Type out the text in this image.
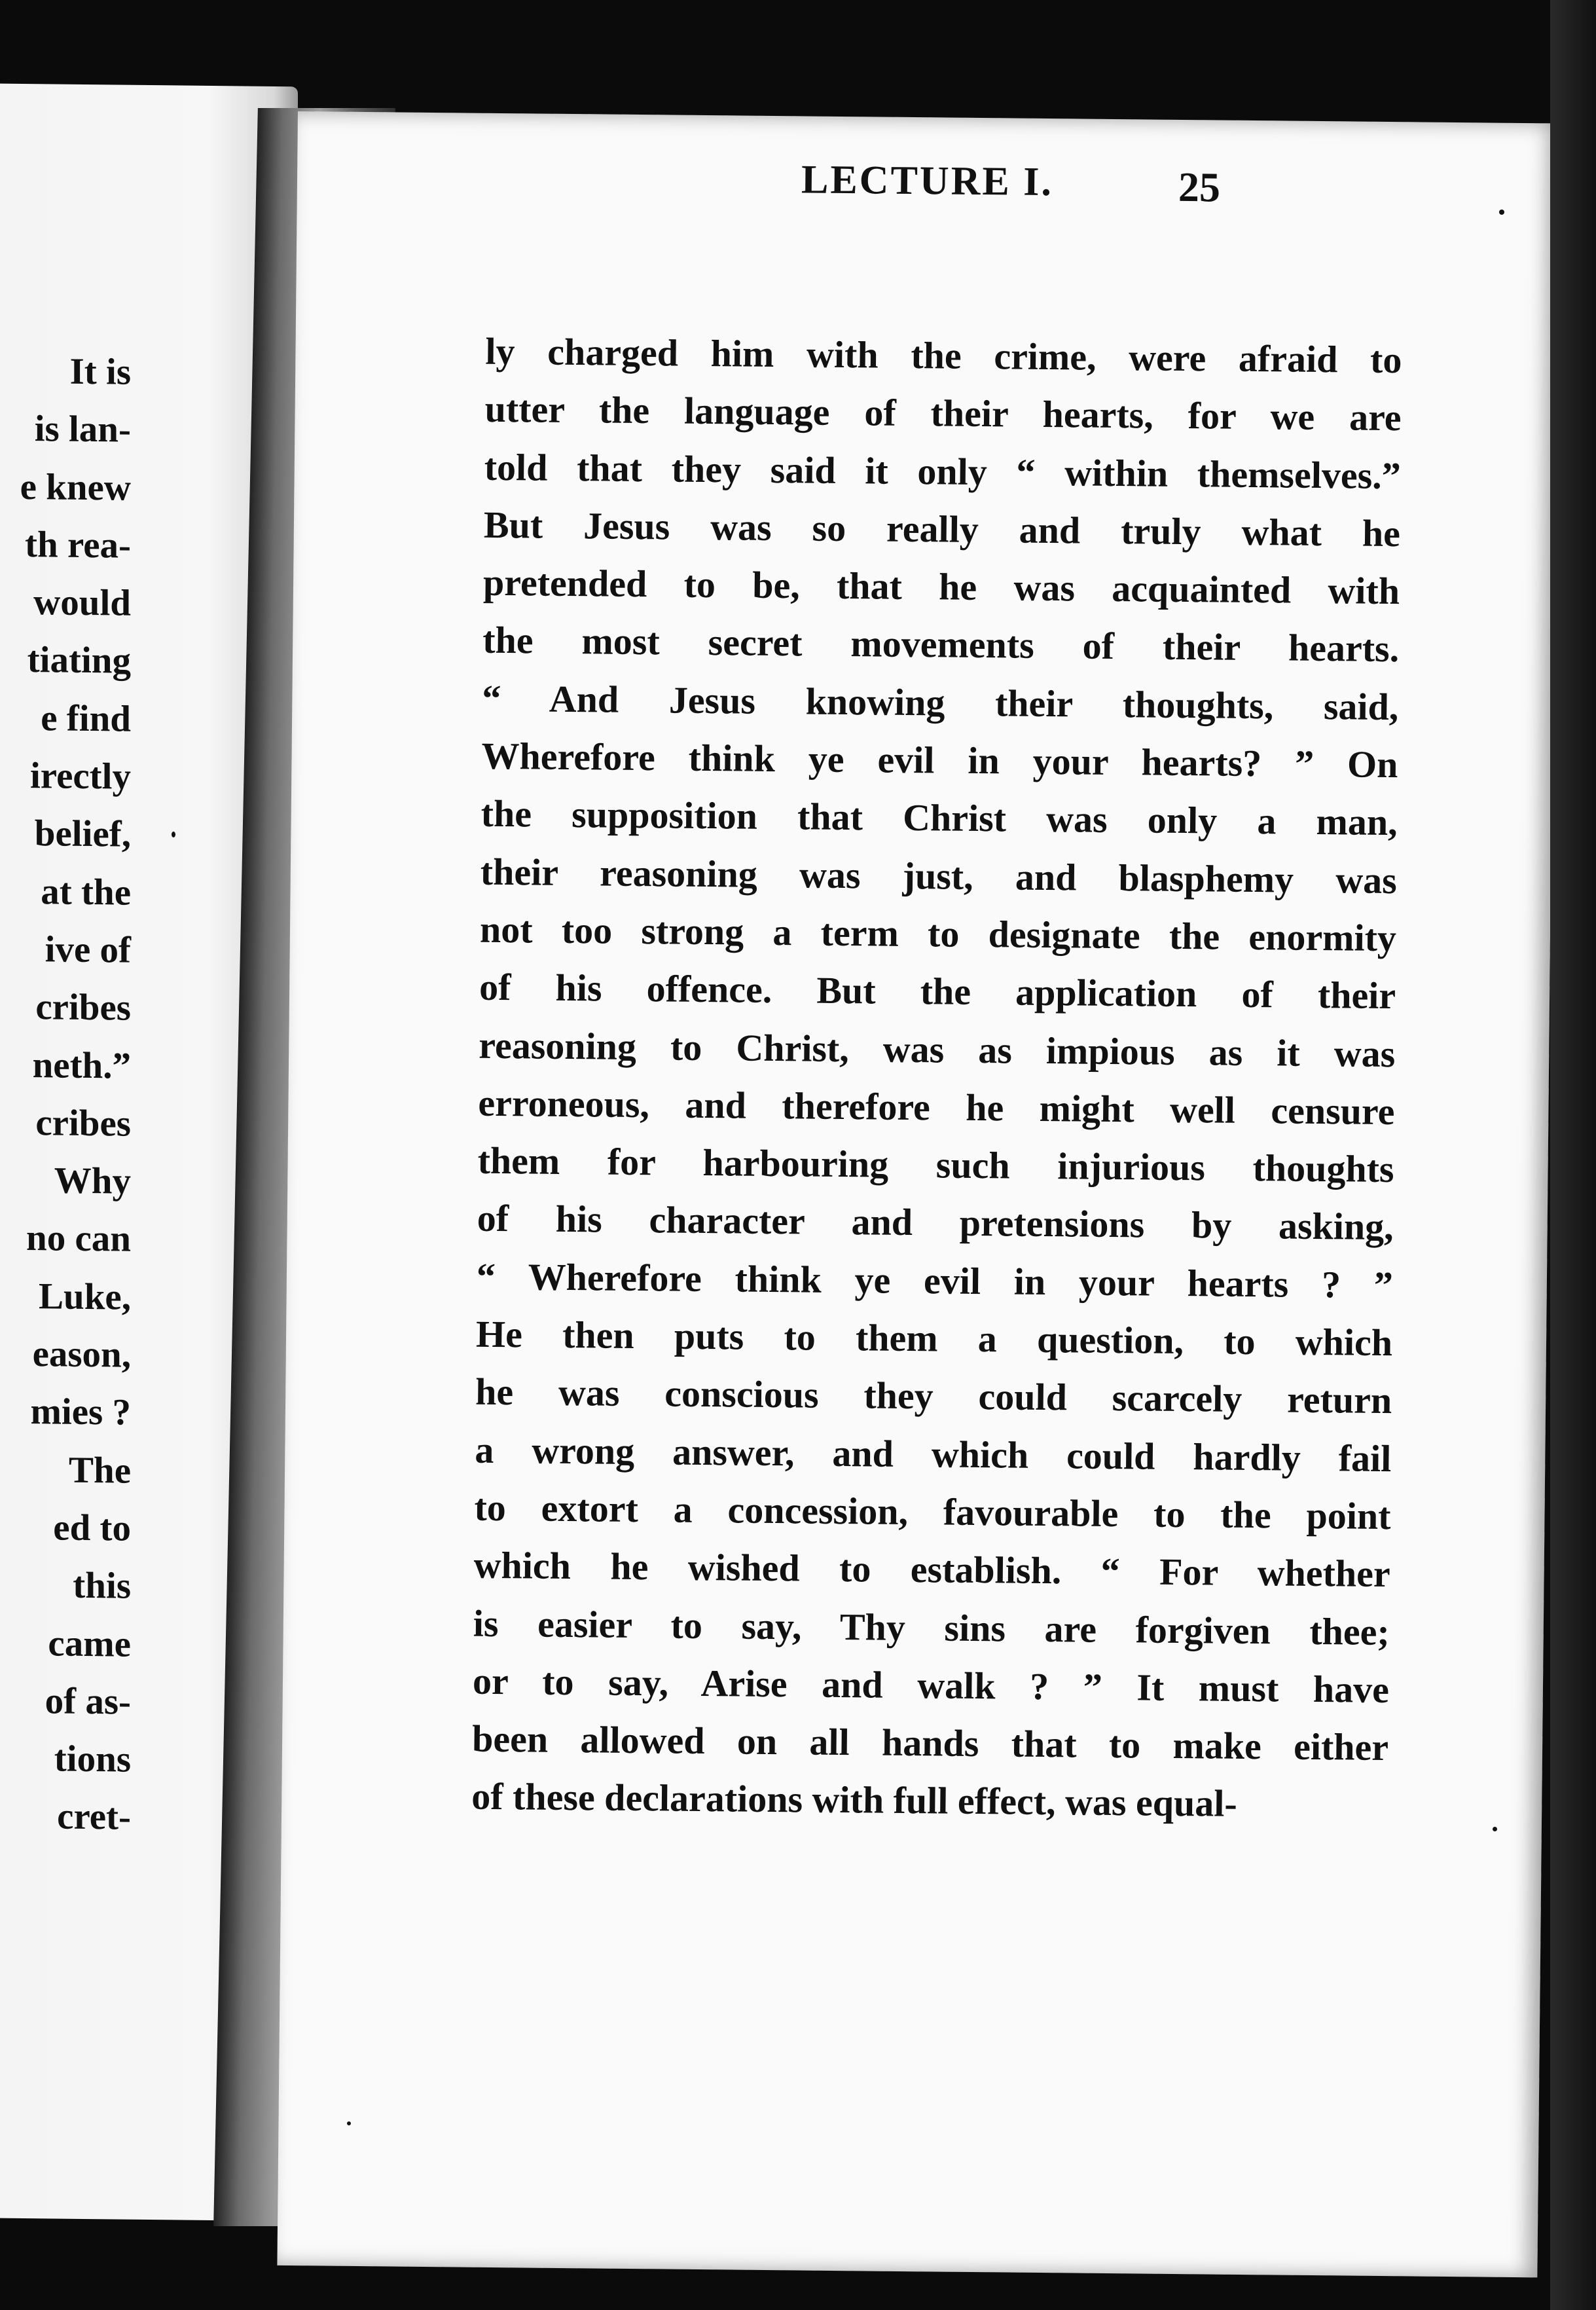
It is
is lan-
e knew
th rea-
would
tiating
e find
irectly
belief,
at the
ive of
cribes
neth.”
cribes
Why
no can
Luke,
eason,
mies ?
The
ed to
this
came
of as-
tions
cret-
LECTURE I.	25
ly charged him with the crime, were afraid to
utter the language of their hearts, for we are
told that they said it only “ within themselves.”
But Jesus was so really and truly what he
pretended to be, that he was acquainted with
the most secret movements of their hearts.
“ And Jesus knowing their thoughts, said,
Wherefore think ye evil in your hearts? ” On
the supposition that Christ was only a man,
their reasoning was just, and blasphemy was
not too strong a term to designate the enormity
of his offence. But the application of their
reasoning to Christ, was as impious as it was
erroneous, and therefore he might well censure
them for harbouring such injurious thoughts
of his character and pretensions by asking,
“ Wherefore think ye evil in your hearts ? ”
He then puts to them a question, to which
he was conscious they could scarcely return
a wrong answer, and which could hardly fail
to extort a concession, favourable to the point
which he wished to establish. “ For whether
is easier to say, Thy sins are forgiven thee;
or to say, Arise and walk ? ” It must have
been allowed on all hands that to make either
of these declarations with full effect, was equal-
